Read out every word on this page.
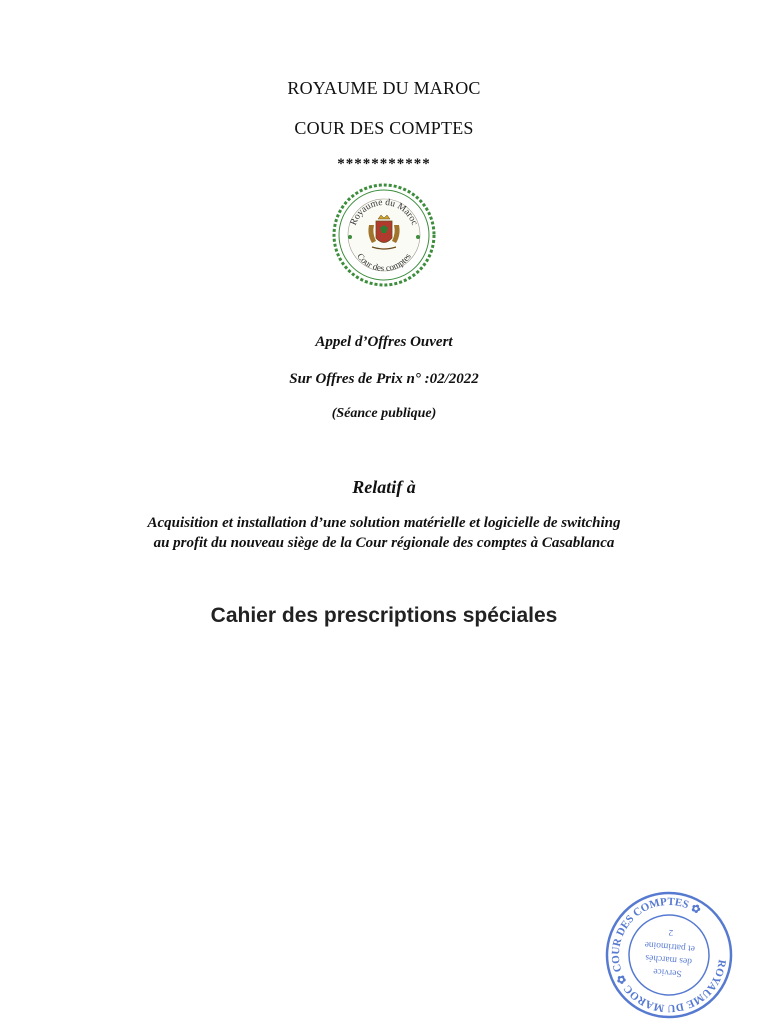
ROYAUME DU MAROC
COUR DES COMPTES
***********
Royaume du Maroc
Cour des comptes
Appel d’Offres Ouvert
Sur Offres de Prix n° :02/2022
(Séance publique)
Relatif à
Acquisition et installation d’une solution matérielle et logicielle de switching
au profit du nouveau siège de la Cour régionale des comptes à Casablanca
Cahier des prescriptions spéciales
ROYAUME DU MAROC ✿ COUR DES COMPTES ✿
Service
des marchés
et patrimoine
2
